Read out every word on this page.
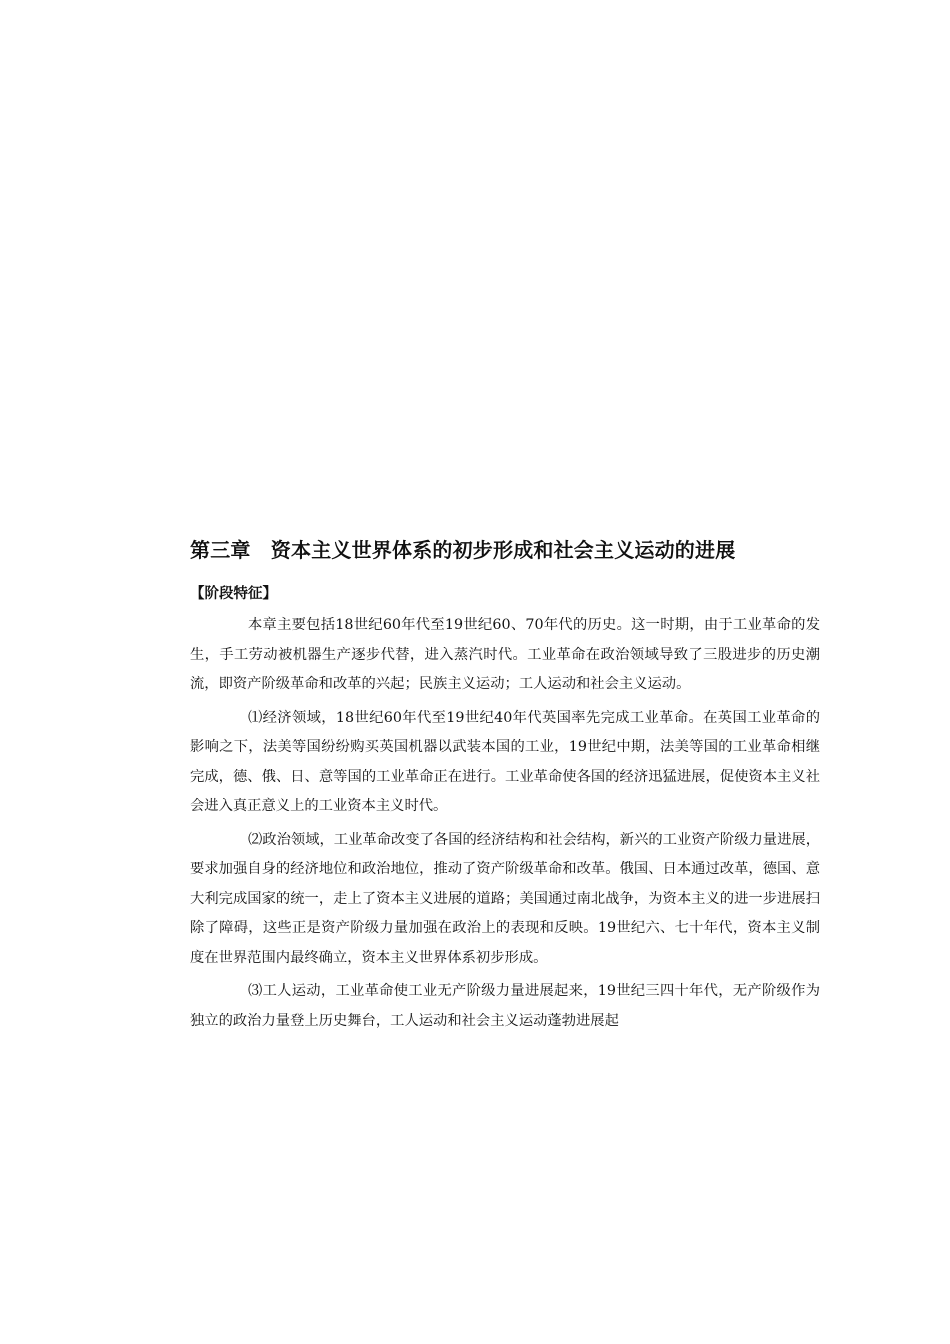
第三章　资本主义世界体系的初步形成和社会主义运动的进展
【阶段特征】

本章主要包括18世纪60年代至19世纪60、70年代的历史。这一时期，由于工业革命的发生，手工劳动被机器生产逐步代替，进入蒸汽时代。工业革命在政治领域导致了三股进步的历史潮流，即资产阶级革命和改革的兴起；民族主义运动；工人运动和社会主义运动。

⑴经济领域，18世纪60年代至19世纪40年代英国率先完成工业革命。在英国工业革命的影响之下，法美等国纷纷购买英国机器以武装本国的工业，19世纪中期，法美等国的工业革命相继完成，德、俄、日、意等国的工业革命正在进行。工业革命使各国的经济迅猛进展，促使资本主义社会进入真正意义上的工业资本主义时代。

⑵政治领域，工业革命改变了各国的经济结构和社会结构，新兴的工业资产阶级力量进展，要求加强自身的经济地位和政治地位，推动了资产阶级革命和改革。俄国、日本通过改革，德国、意大利完成国家的统一，走上了资本主义进展的道路；美国通过南北战争，为资本主义的进一步进展扫除了障碍，这些正是资产阶级力量加强在政治上的表现和反映。19世纪六、七十年代，资本主义制度在世界范围内最终确立，资本主义世界体系初步形成。

⑶工人运动，工业革命使工业无产阶级力量进展起来，19世纪三四十年代，无产阶级作为独立的政治力量登上历史舞台，工人运动和社会主义运动蓬勃进展起
